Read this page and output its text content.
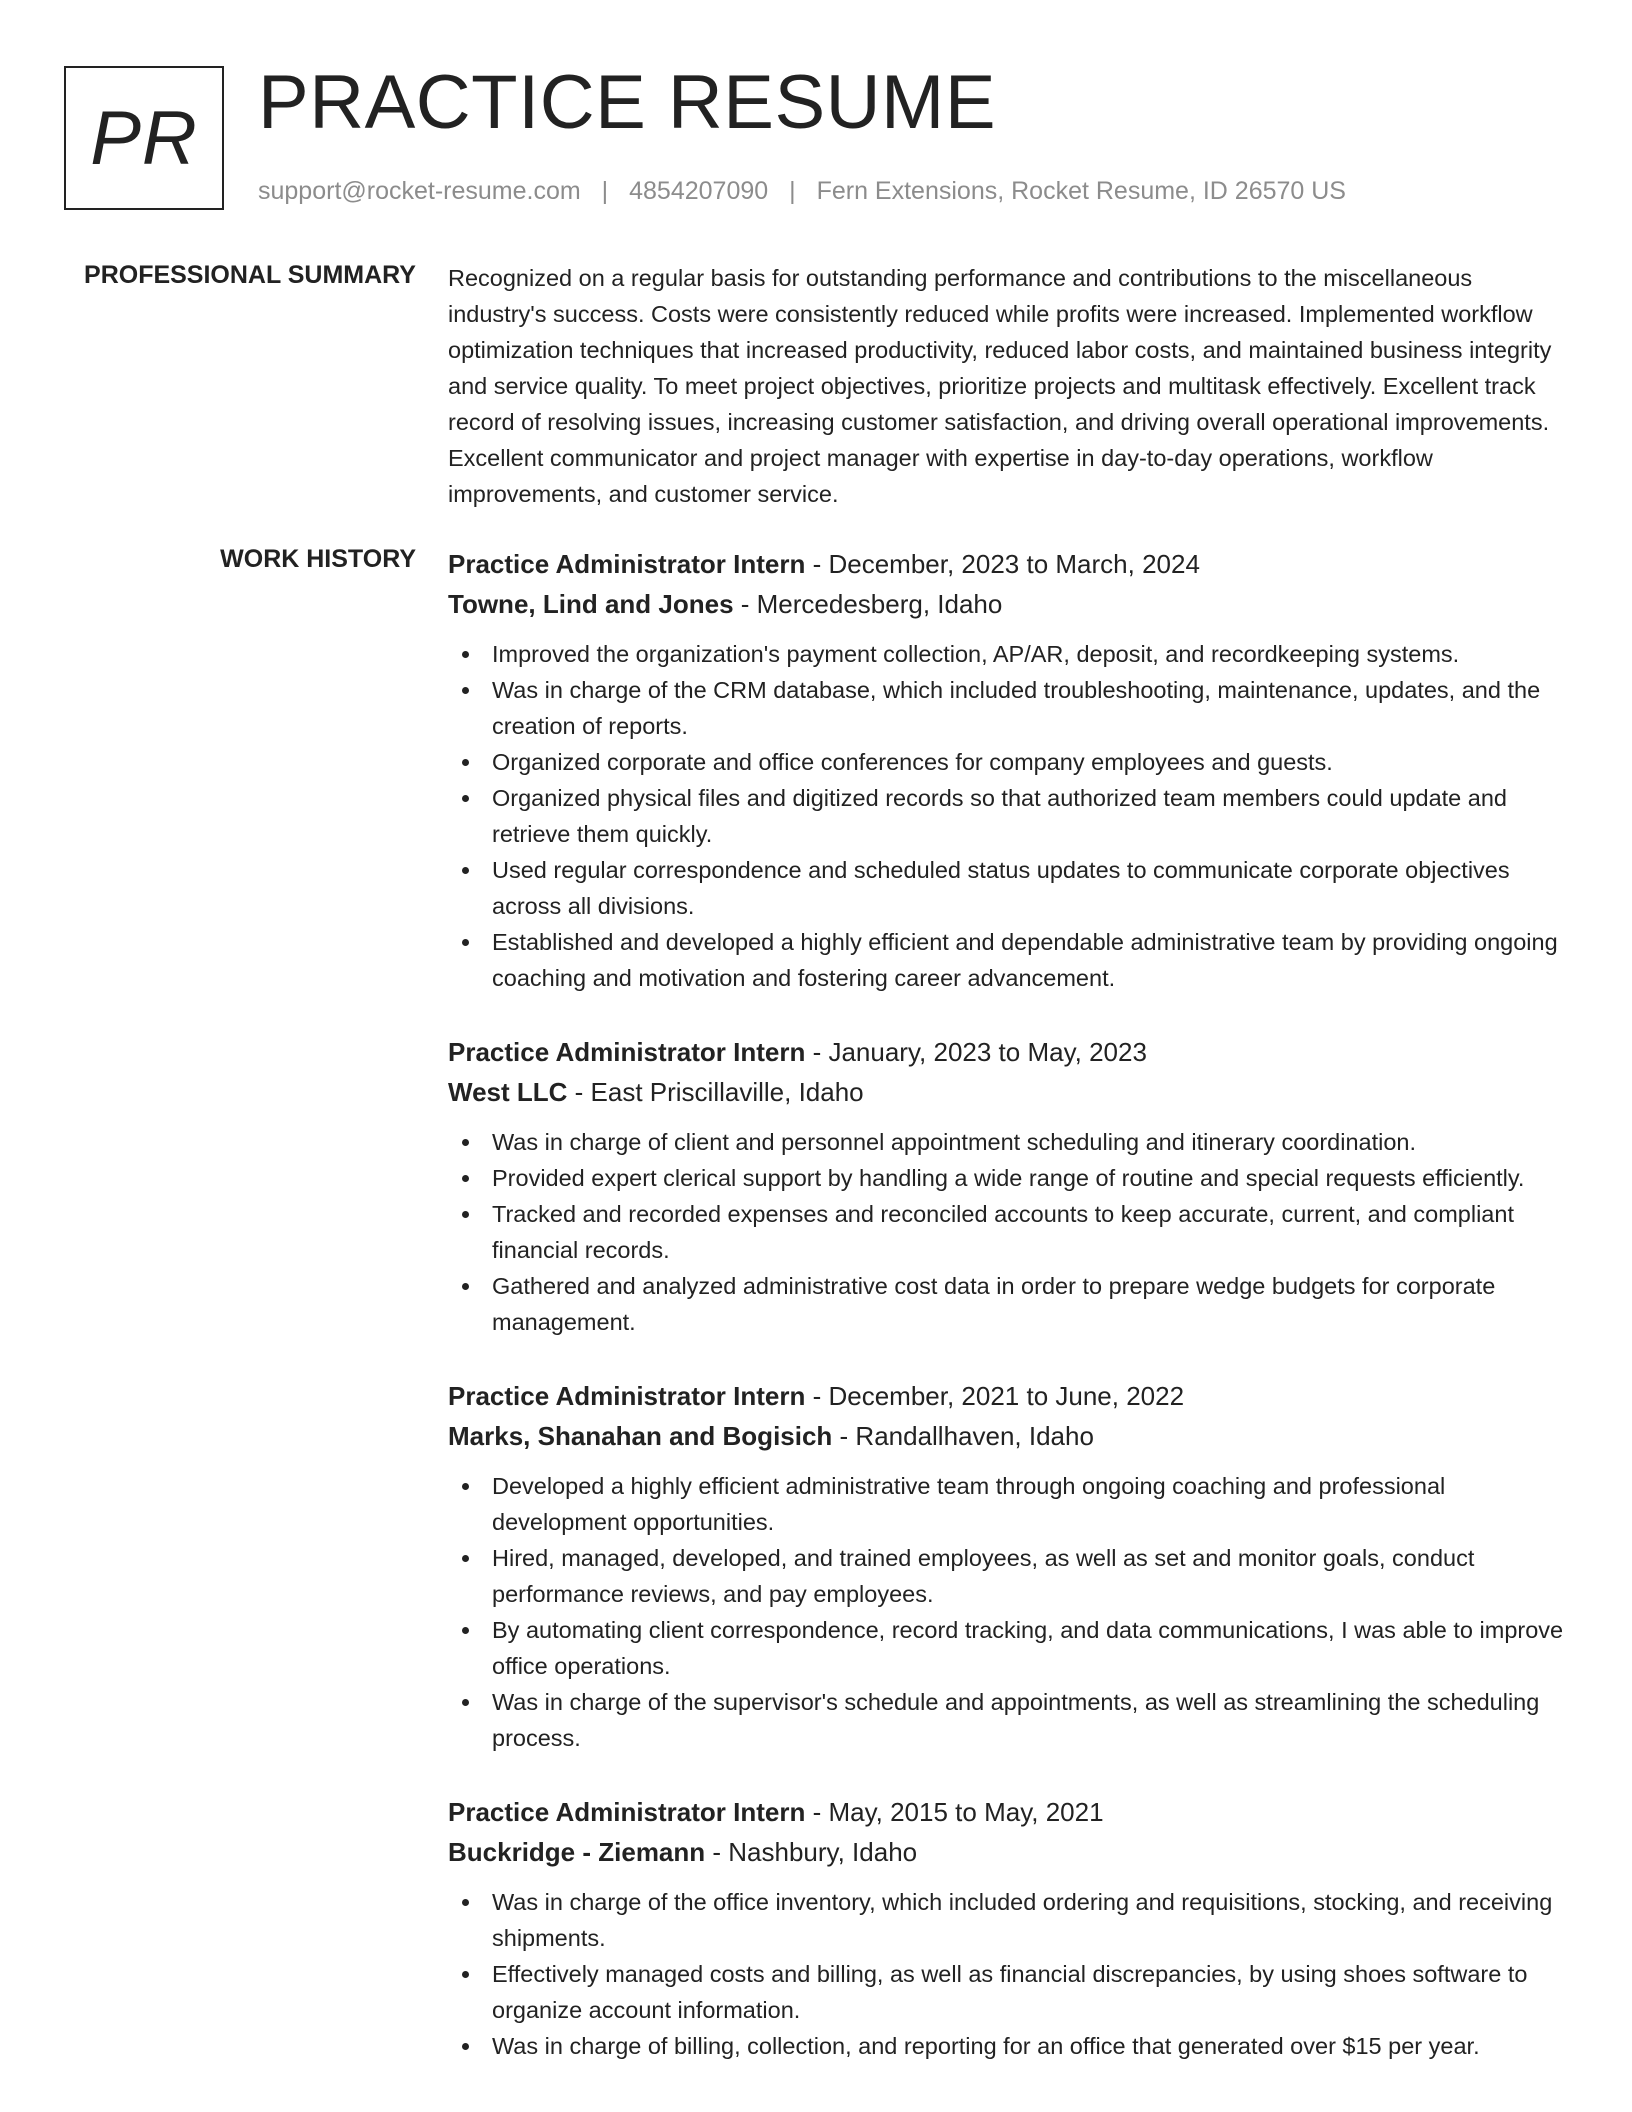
PR PRACTICE RESUME
support@rocket-resume.com | 4854207090 | Fern Extensions, Rocket Resume, ID 26570 US
PROFESSIONAL SUMMARY Recognized on a regular basis for outstanding performance and contributions to the miscellaneous industry's success. Costs were consistently reduced while profits were increased. Implemented workflow optimization techniques that increased productivity, reduced labor costs, and maintained business integrity and service quality. To meet project objectives, prioritize projects and multitask effectively. Excellent track record of resolving issues, increasing customer satisfaction, and driving overall operational improvements. Excellent communicator and project manager with expertise in day-to-day operations, workflow improvements, and customer service.

WORK HISTORY Practice Administrator Intern - December, 2023 to March, 2024
Towne, Lind and Jones - Mercedesberg, Idaho
Improved the organization's payment collection, AP/AR, deposit, and recordkeeping systems.
Was in charge of the CRM database, which included troubleshooting, maintenance, updates, and the creation of reports.
Organized corporate and office conferences for company employees and guests.
Organized physical files and digitized records so that authorized team members could update and retrieve them quickly.
Used regular correspondence and scheduled status updates to communicate corporate objectives across all divisions.
Established and developed a highly efficient and dependable administrative team by providing ongoing coaching and motivation and fostering career advancement.
Practice Administrator Intern - January, 2023 to May, 2023
West LLC - East Priscillaville, Idaho
Was in charge of client and personnel appointment scheduling and itinerary coordination.
Provided expert clerical support by handling a wide range of routine and special requests efficiently.
Tracked and recorded expenses and reconciled accounts to keep accurate, current, and compliant financial records.
Gathered and analyzed administrative cost data in order to prepare wedge budgets for corporate management.
Practice Administrator Intern - December, 2021 to June, 2022
Marks, Shanahan and Bogisich - Randallhaven, Idaho
Developed a highly efficient administrative team through ongoing coaching and professional development opportunities.
Hired, managed, developed, and trained employees, as well as set and monitor goals, conduct performance reviews, and pay employees.
By automating client correspondence, record tracking, and data communications, I was able to improve office operations.
Was in charge of the supervisor's schedule and appointments, as well as streamlining the scheduling process.
Practice Administrator Intern - May, 2015 to May, 2021
Buckridge - Ziemann - Nashbury, Idaho
Was in charge of the office inventory, which included ordering and requisitions, stocking, and receiving shipments.
Effectively managed costs and billing, as well as financial discrepancies, by using shoes software to organize account information.
Was in charge of billing, collection, and reporting for an office that generated over $15 per year.
